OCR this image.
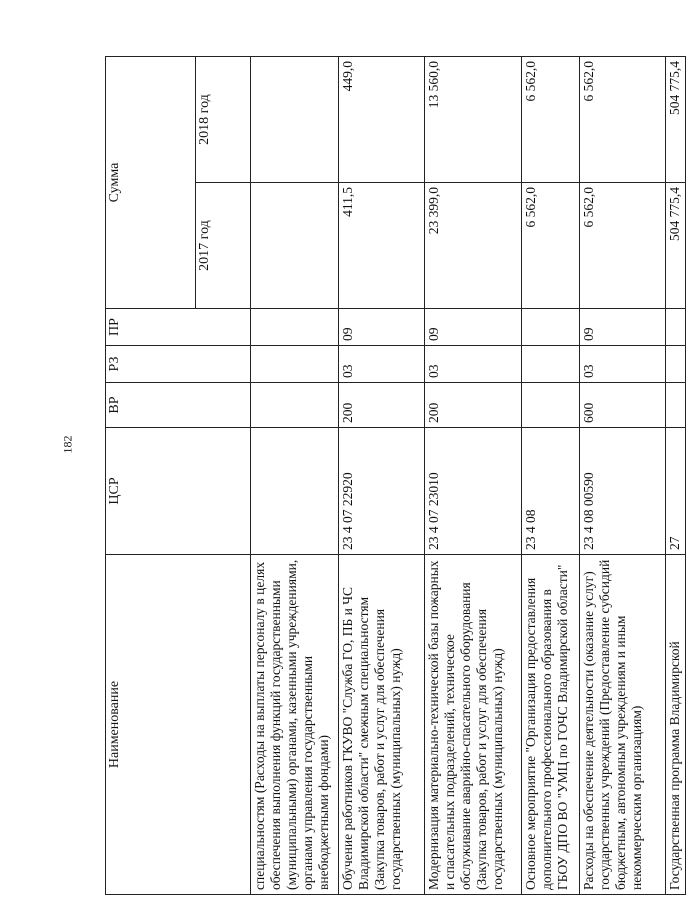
182
Наименование	ЦСР	ВР	РЗ	ПР	Сумма	
					2017 год	2018 год
специальностям (Расходы на выплаты персоналу в целях обеспечения выполнения функций государственными (муниципальными) органами, казенными учреждениями, органами управления государственными внебюджетными фондами)						
Обучение работников ГКУВО "Служба ГО, ПБ и ЧС Владимирской области" смежным специальностям (Закупка товаров, работ и услуг для обеспечения государственных (муниципальных) нужд)	23 4 07 22920	200	03	09	411,5	449,0
Модернизация материально-технической базы пожарных и спасательных подразделений, техническое обслуживание аварийно-спасательного оборудования (Закупка товаров, работ и услуг для обеспечения государственных (муниципальных) нужд)	23 4 07 23010	200	03	09	23 399,0	13 560,0
Основное мероприятие "Организация предоставления дополнительного профессионального образования в ГБОУ ДПО ВО "УМЦ по ГОЧС Владимирской области"	23 4 08				6 562,0	6 562,0
Расходы на обеспечение деятельности (оказание услуг) государственных учреждений (Предоставление субсидий бюджетным, автономным учреждениям и иным некоммерческим организациям)	23 4 08 00590	600	03	09	6 562,0	6 562,0
Государственная программа Владимирской	27				504 775,4	504 775,4
